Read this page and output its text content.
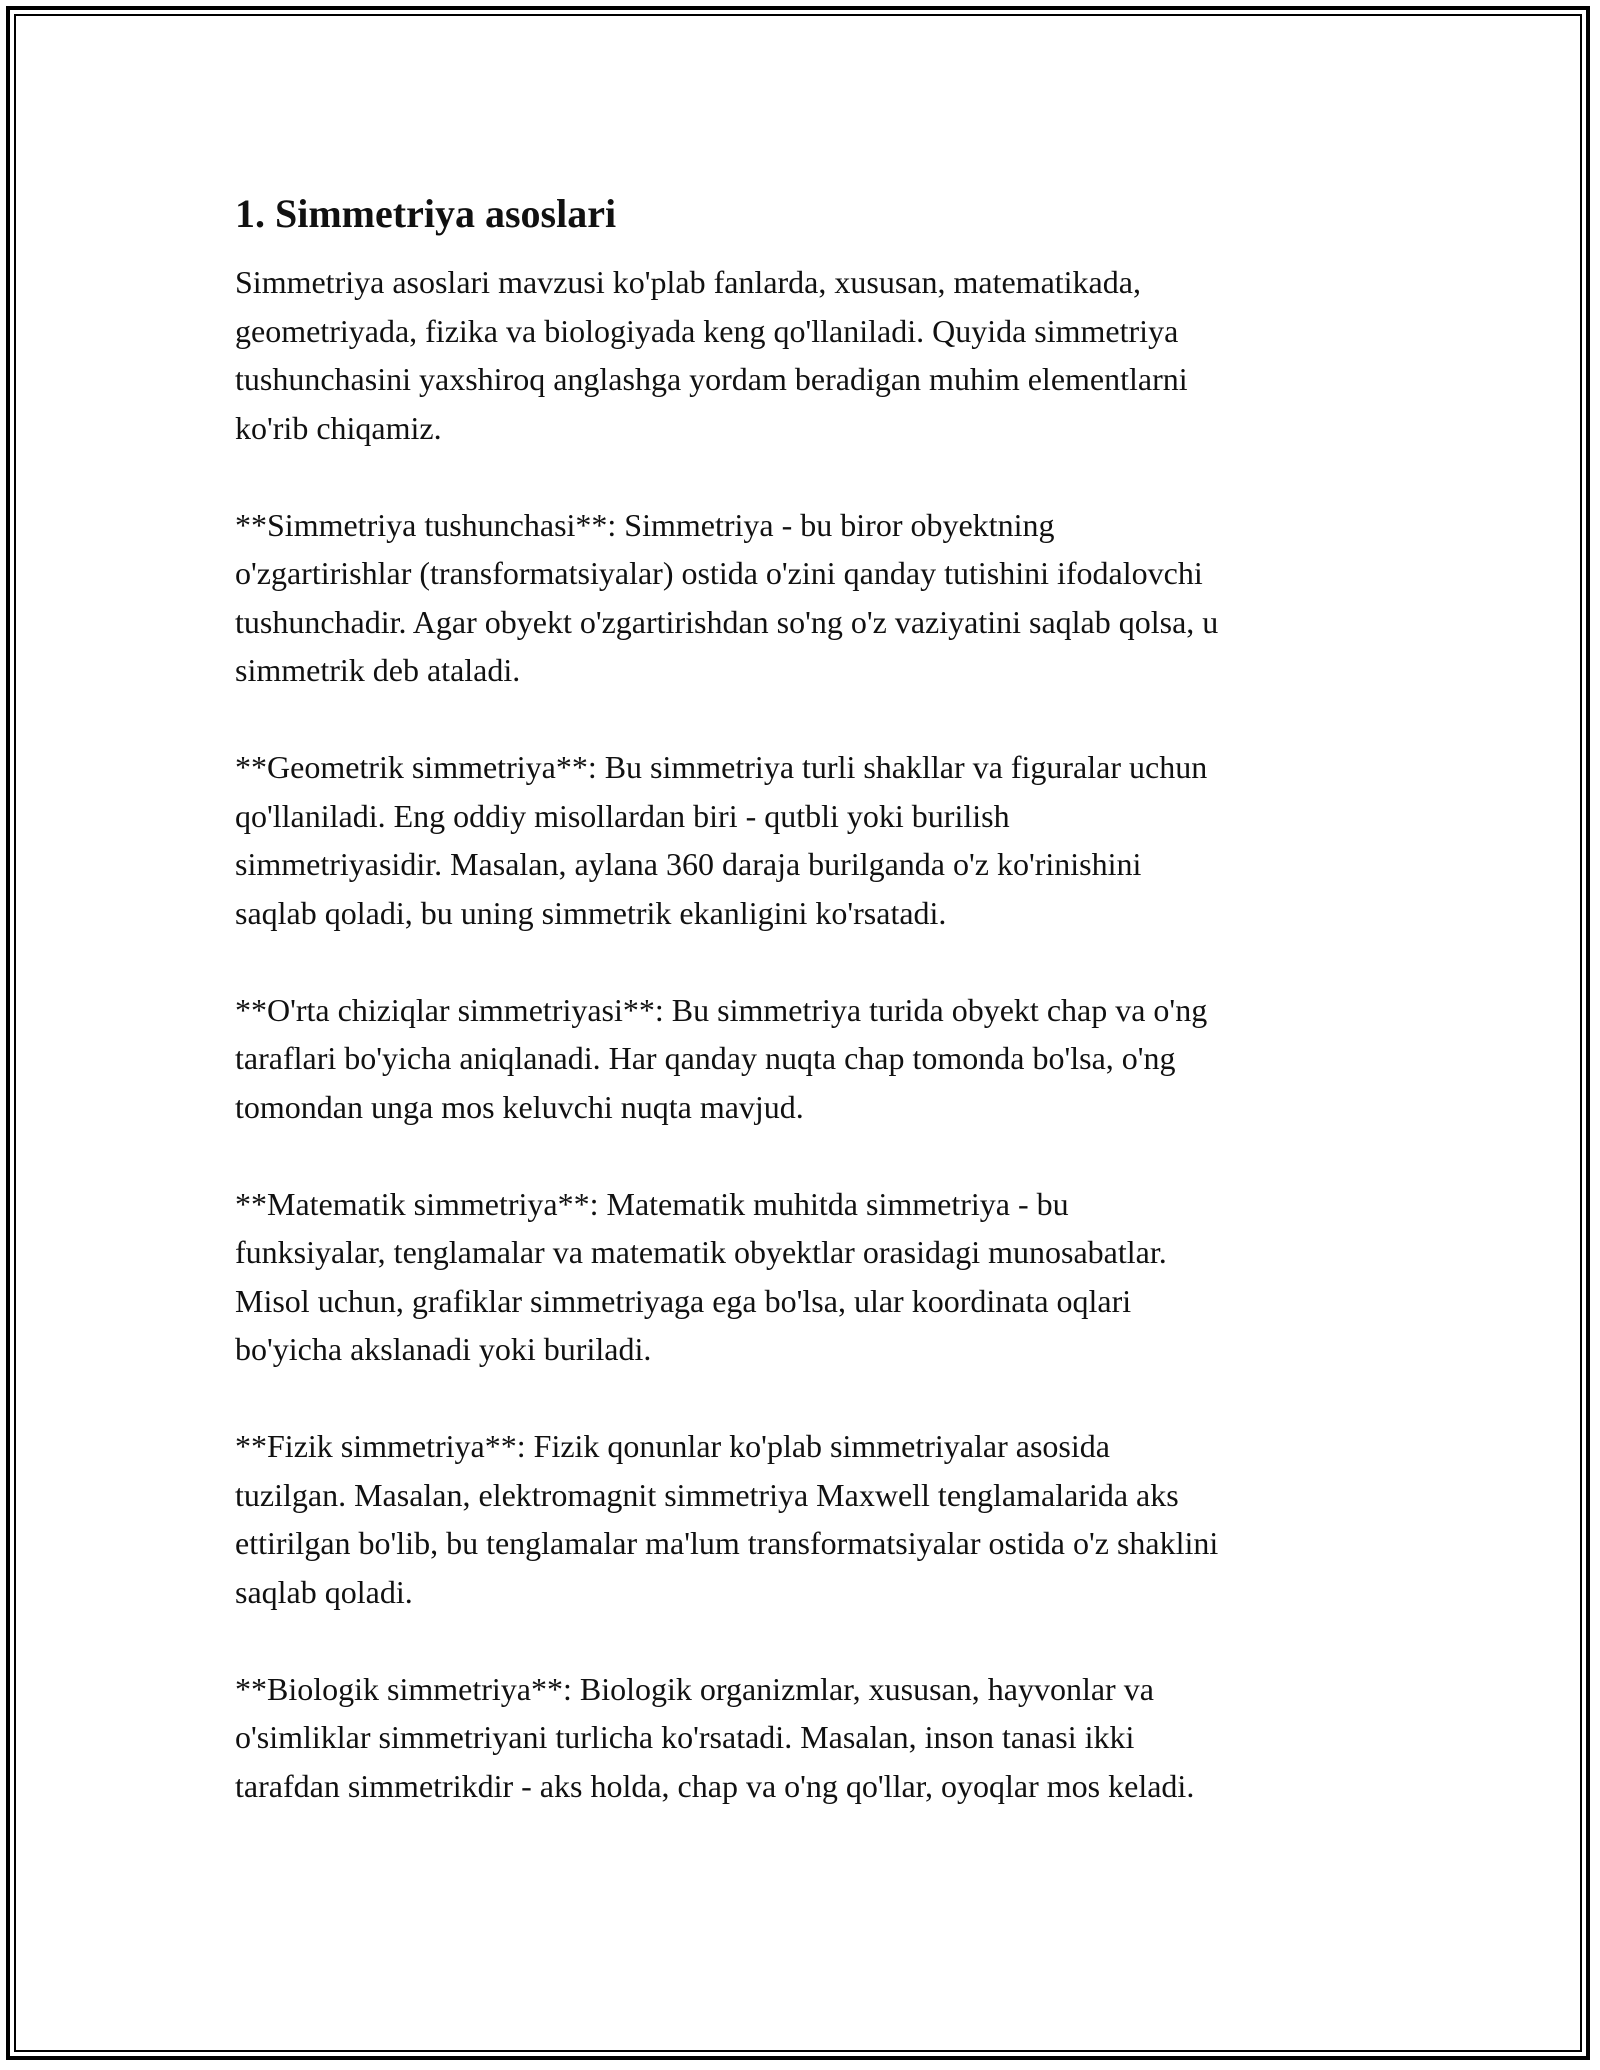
1. Simmetriya asoslari

Simmetriya asoslari mavzusi ko'plab fanlarda, xususan, matematikada,
geometriyada, fizika va biologiyada keng qo'llaniladi. Quyida simmetriya
tushunchasini yaxshiroq anglashga yordam beradigan muhim elementlarni
ko'rib chiqamiz.

**Simmetriya tushunchasi**: Simmetriya - bu biror obyektning
o'zgartirishlar (transformatsiyalar) ostida o'zini qanday tutishini ifodalovchi
tushunchadir. Agar obyekt o'zgartirishdan so'ng o'z vaziyatini saqlab qolsa, u
simmetrik deb ataladi.

**Geometrik simmetriya**: Bu simmetriya turli shakllar va figuralar uchun
qo'llaniladi. Eng oddiy misollardan biri - qutbli yoki burilish
simmetriyasidir. Masalan, aylana 360 daraja burilganda o'z ko'rinishini
saqlab qoladi, bu uning simmetrik ekanligini ko'rsatadi.

**O'rta chiziqlar simmetriyasi**: Bu simmetriya turida obyekt chap va o'ng
taraflari bo'yicha aniqlanadi. Har qanday nuqta chap tomonda bo'lsa, o'ng
tomondan unga mos keluvchi nuqta mavjud.

**Matematik simmetriya**: Matematik muhitda simmetriya - bu
funksiyalar, tenglamalar va matematik obyektlar orasidagi munosabatlar.
Misol uchun, grafiklar simmetriyaga ega bo'lsa, ular koordinata oqlari
bo'yicha akslanadi yoki buriladi.

**Fizik simmetriya**: Fizik qonunlar ko'plab simmetriyalar asosida
tuzilgan. Masalan, elektromagnit simmetriya Maxwell tenglamalarida aks
ettirilgan bo'lib, bu tenglamalar ma'lum transformatsiyalar ostida o'z shaklini
saqlab qoladi.

**Biologik simmetriya**: Biologik organizmlar, xususan, hayvonlar va
o'simliklar simmetriyani turlicha ko'rsatadi. Masalan, inson tanasi ikki
tarafdan simmetrikdir - aks holda, chap va o'ng qo'llar, oyoqlar mos keladi.
